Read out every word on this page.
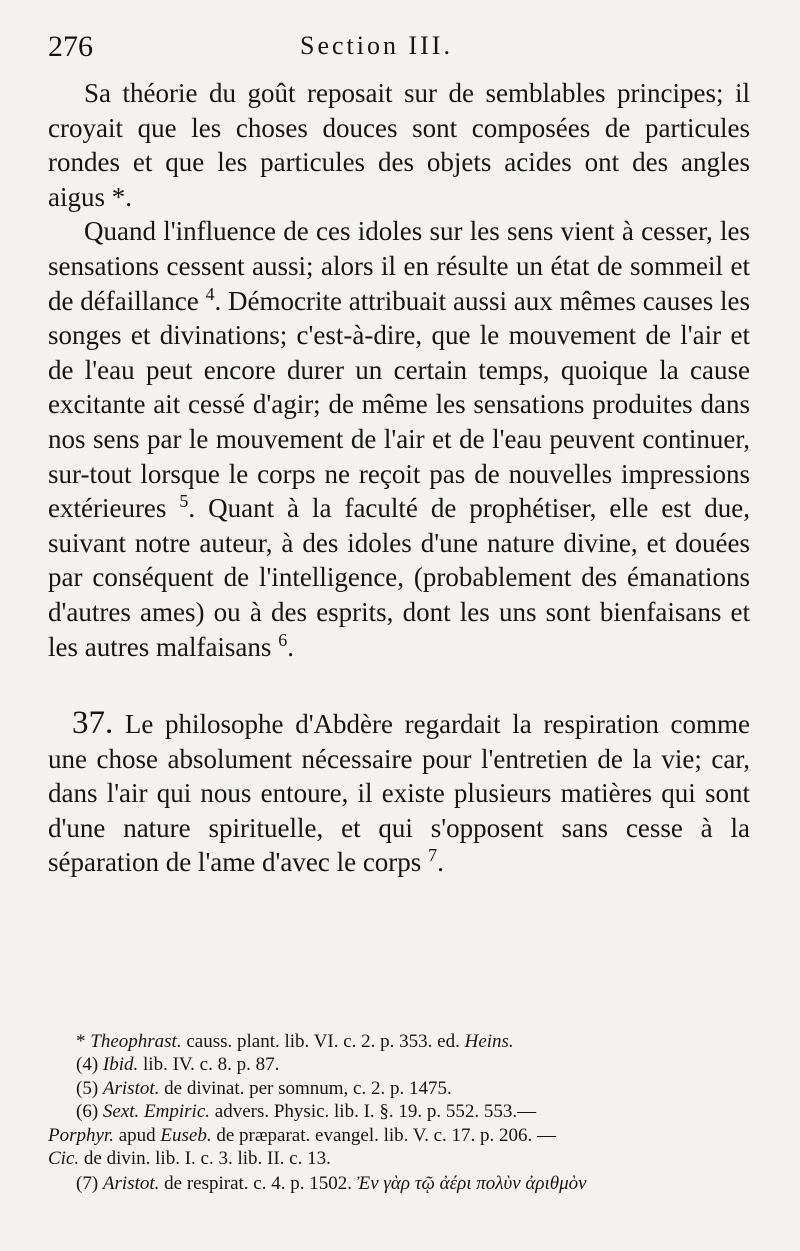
276	Section III.

Sa théorie du goût reposait sur de semblables principes; il croyait que les choses douces sont composées de particules rondes et que les particules des objets acides ont des angles aigus *.

Quand l'influence de ces idoles sur les sens vient à cesser, les sensations cessent aussi; alors il en résulte un état de sommeil et de défaillance $^4$. Démocrite attribuait aussi aux mêmes causes les songes et divinations; c'est-à-dire, que le mouvement de l'air et de l'eau peut encore durer un certain temps, quoique la cause excitante ait cessé d'agir; de même les sensations produites dans nos sens par le mouvement de l'air et de l'eau peuvent continuer, sur-tout lorsque le corps ne reçoit pas de nouvelles impressions extérieures $^5$. Quant à la faculté de prophétiser, elle est due, suivant notre auteur, à des idoles d'une nature divine, et douées par conséquent de l'intelligence, (probablement des émanations d'autres ames) ou à des esprits, dont les uns sont bienfaisans et les autres malfaisans $^6$.

37. Le philosophe d'Abdère regardait la respiration comme une chose absolument nécessaire pour l'entretien de la vie; car, dans l'air qui nous entoure, il existe plusieurs matières qui sont d'une nature spirituelle, et qui s'opposent sans cesse à la séparation de l'ame d'avec le corps $^7$.

* Theophrast. causs. plant. lib. VI. c. 2. p. 353. ed. Heins.

(4) Ibid. lib. IV. c. 8. p. 87.

(5) Aristot. de divinat. per somnum, c. 2. p. 1475.

(6) Sext. Empiric. advers. Physic. lib. I. §. 19. p. 552. 553.—

Porphyr. apud Euseb. de præparat. evangel. lib. V. c. 17. p. 206. —

Cic. de divin. lib. I. c. 3. lib. II. c. 13.

(7) Aristot. de respirat. c. 4. p. 1502. Ἐν γὰρ τῷ ἀέρι πολὺν ἀριθμὸν
